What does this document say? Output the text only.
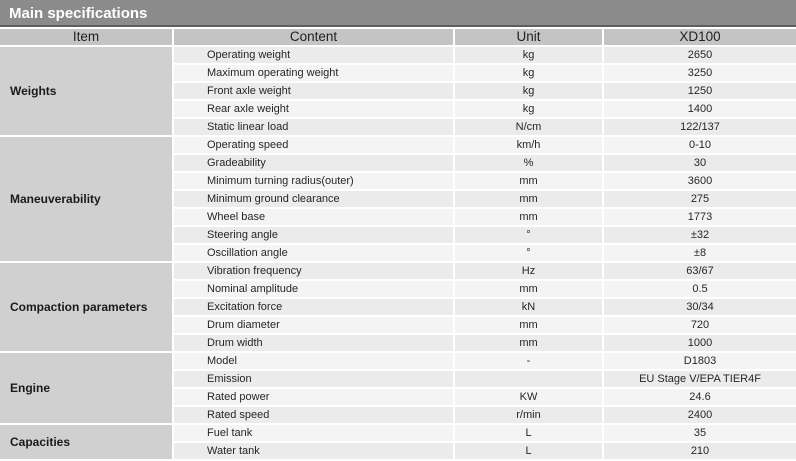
Main specifications
Item	Content	Unit	XD100
Weights	Operating weight	kg	2650
	Maximum operating weight	kg	3250
	Front axle weight	kg	1250
	Rear axle weight	kg	1400
	Static linear load	N/cm	122/137
Maneuverability	Operating speed	km/h	0-10
	Gradeability	%	30
	Minimum turning radius(outer)	mm	3600
	Minimum ground clearance	mm	275
	Wheel base	mm	1773
	Steering angle	°	±32
	Oscillation angle	°	±8
Compaction parameters	Vibration frequency	Hz	63/67
	Nominal amplitude	mm	0.5
	Excitation force	kN	30/34
	Drum diameter	mm	720
	Drum width	mm	1000
Engine	Model	-	D1803
	Emission		EU Stage V/EPA TIER4F
	Rated power	KW	24.6
	Rated speed	r/min	2400
Capacities	Fuel tank	L	35
	Water tank	L	210
